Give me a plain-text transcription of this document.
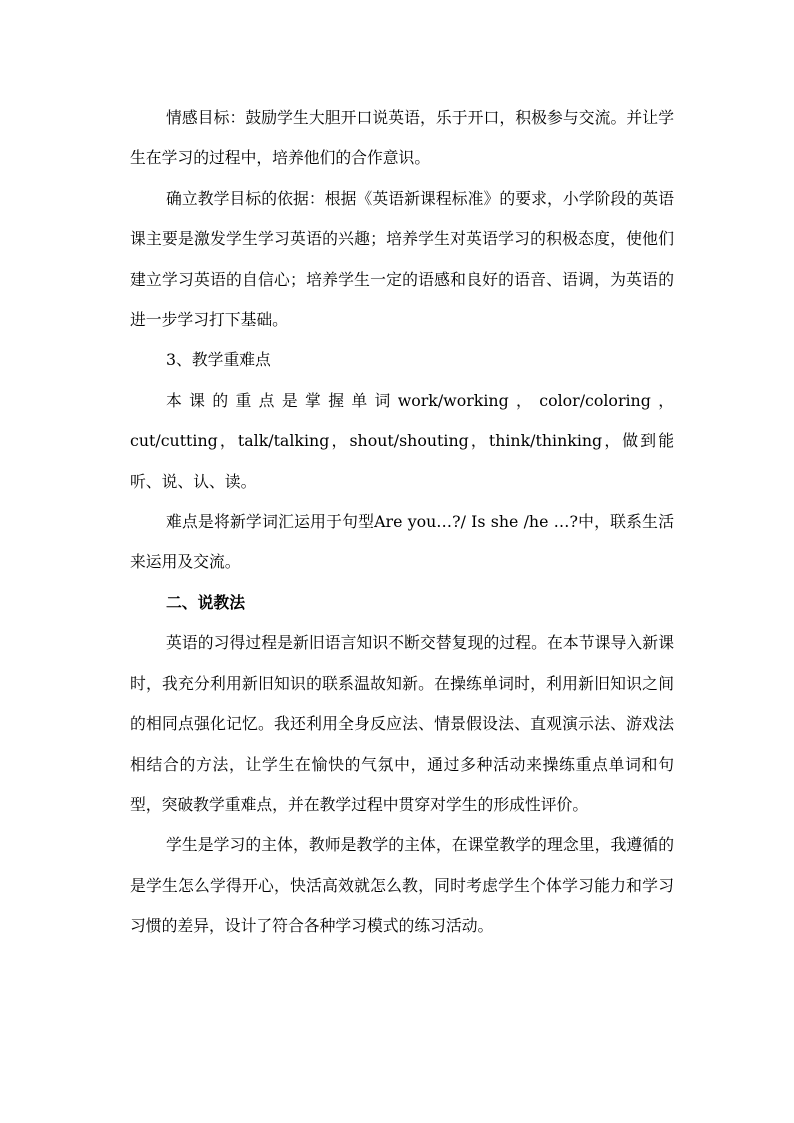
情感目标：鼓励学生大胆开口说英语，乐于开口，积极参与交流。并让学生在学习的过程中，培养他们的合作意识。

确立教学目标的依据：根据《英语新课程标准》的要求，小学阶段的英语课主要是激发学生学习英语的兴趣；培养学生对英语学习的积极态度，使他们建立学习英语的自信心；培养学生一定的语感和良好的语音、语调，为英语的进一步学习打下基础。

3、教学重难点

本课的重点是掌握单词work/working，color/coloring，cut/cutting，talk/talking，shout/shouting，think/thinking，做到能听、说、认、读。

难点是将新学词汇运用于句型Are you…?/ Is she /he …?中，联系生活来运用及交流。

二、说教法

英语的习得过程是新旧语言知识不断交替复现的过程。在本节课导入新课时，我充分利用新旧知识的联系温故知新。在操练单词时，利用新旧知识之间的相同点强化记忆。我还利用全身反应法、情景假设法、直观演示法、游戏法相结合的方法，让学生在愉快的气氛中，通过多种活动来操练重点单词和句型，突破教学重难点，并在教学过程中贯穿对学生的形成性评价。

学生是学习的主体，教师是教学的主体，在课堂教学的理念里，我遵循的是学生怎么学得开心，快活高效就怎么教，同时考虑学生个体学习能力和学习习惯的差异，设计了符合各种学习模式的练习活动。
